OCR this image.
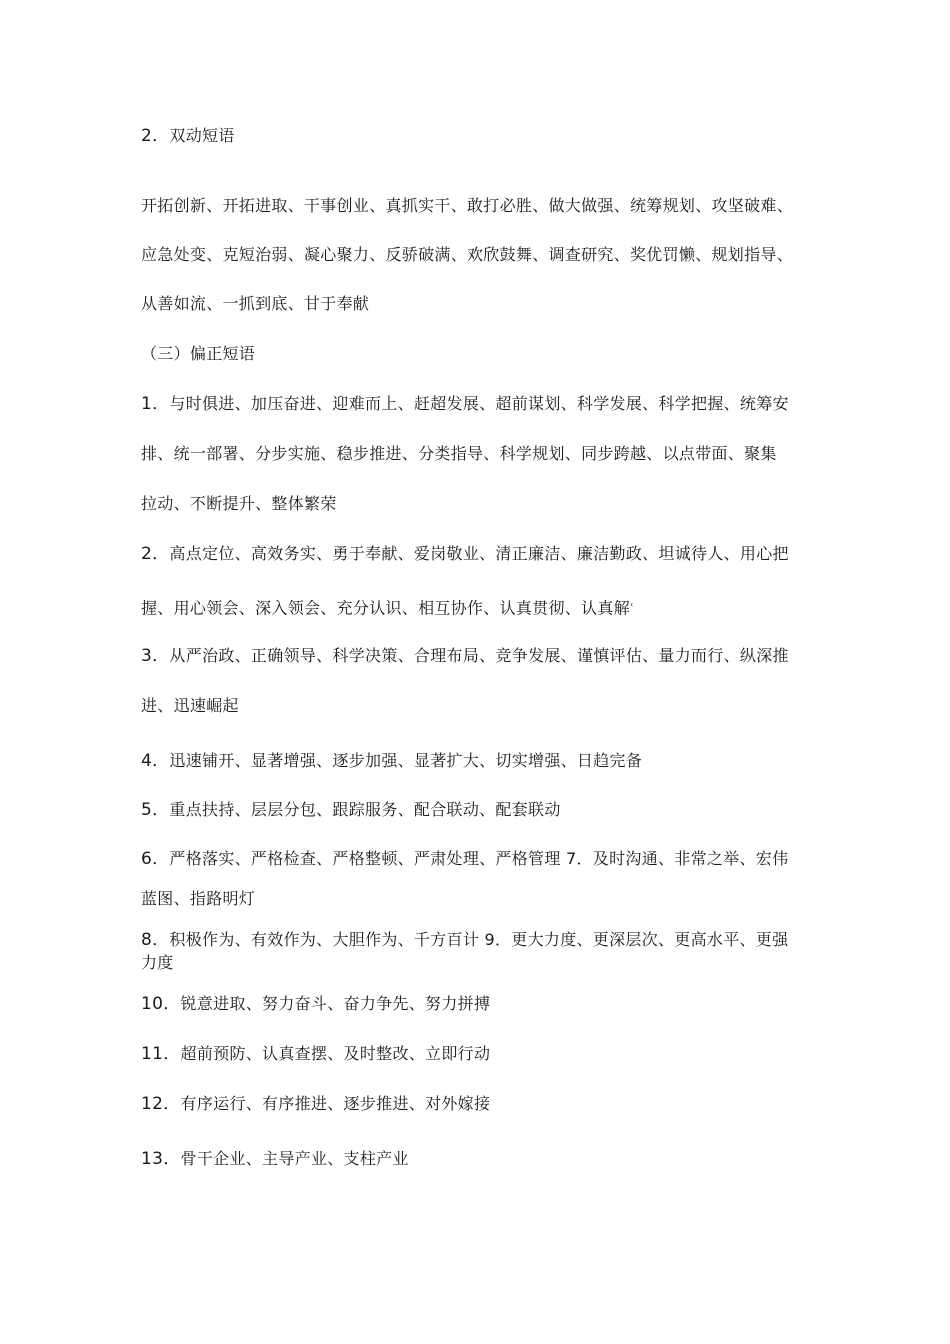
2．双动短语

开拓创新、开拓进取、干事创业、真抓实干、敢打必胜、做大做强、统筹规划、攻坚破难、

应急处变、克短治弱、凝心聚力、反骄破满、欢欣鼓舞、调查研究、奖优罚懒、规划指导、

从善如流、一抓到底、甘于奉献

（三）偏正短语

1．与时俱进、加压奋进、迎难而上、赶超发展、超前谋划、科学发展、科学把握、统筹安

排、统一部署、分步实施、稳步推进、分类指导、科学规划、同步跨越、以点带面、聚集

拉动、不断提升、整体繁荣

2．高点定位、高效务实、勇于奉献、爱岗敬业、清正廉洁、廉洁勤政、坦诚待人、用心把

握、用心领会、深入领会、充分认识、相互协作、认真贯彻、认真解‹

3．从严治政、正确领导、科学决策、合理布局、竞争发展、谨慎评估、量力而行、纵深推

进、迅速崛起

4．迅速铺开、显著增强、逐步加强、显著扩大、切实增强、日趋完备

5．重点扶持、层层分包、跟踪服务、配合联动、配套联动

6．严格落实、严格检查、严格整顿、严肃处理、严格管理 7．及时沟通、非常之举、宏伟

蓝图、指路明灯

8．积极作为、有效作为、大胆作为、千方百计 9．更大力度、更深层次、更高水平、更强

力度

10．锐意进取、努力奋斗、奋力争先、努力拼搏

11．超前预防、认真查摆、及时整改、立即行动

12．有序运行、有序推进、逐步推进、对外嫁接

13．骨干企业、主导产业、支柱产业
